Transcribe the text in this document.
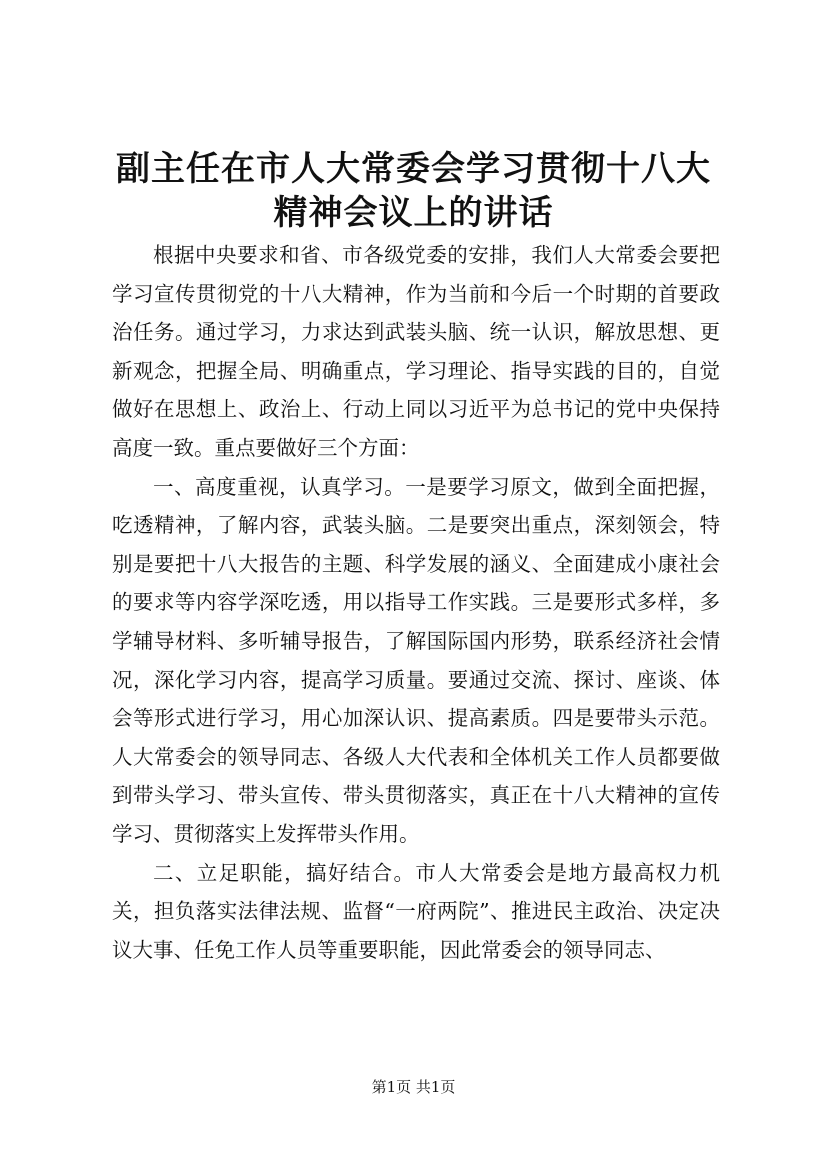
副主任在市人大常委会学习贯彻十八大精神会议上的讲话

根据中央要求和省、市各级党委的安排，我们人大常委会要把学习宣传贯彻党的十八大精神，作为当前和今后一个时期的首要政治任务。通过学习，力求达到武装头脑、统一认识，解放思想、更新观念，把握全局、明确重点，学习理论、指导实践的目的，自觉做好在思想上、政治上、行动上同以习近平为总书记的党中央保持高度一致。重点要做好三个方面：

一、高度重视，认真学习。一是要学习原文，做到全面把握，吃透精神，了解内容，武装头脑。二是要突出重点，深刻领会，特别是要把十八大报告的主题、科学发展的涵义、全面建成小康社会的要求等内容学深吃透，用以指导工作实践。三是要形式多样，多学辅导材料、多听辅导报告，了解国际国内形势，联系经济社会情况，深化学习内容，提高学习质量。要通过交流、探讨、座谈、体会等形式进行学习，用心加深认识、提高素质。四是要带头示范。人大常委会的领导同志、各级人大代表和全体机关工作人员都要做到带头学习、带头宣传、带头贯彻落实，真正在十八大精神的宣传学习、贯彻落实上发挥带头作用。

二、立足职能，搞好结合。市人大常委会是地方最高权力机关，担负落实法律法规、监督“一府两院”、推进民主政治、决定决议大事、任免工作人员等重要职能，因此常委会的领导同志、

第1页 共1页
